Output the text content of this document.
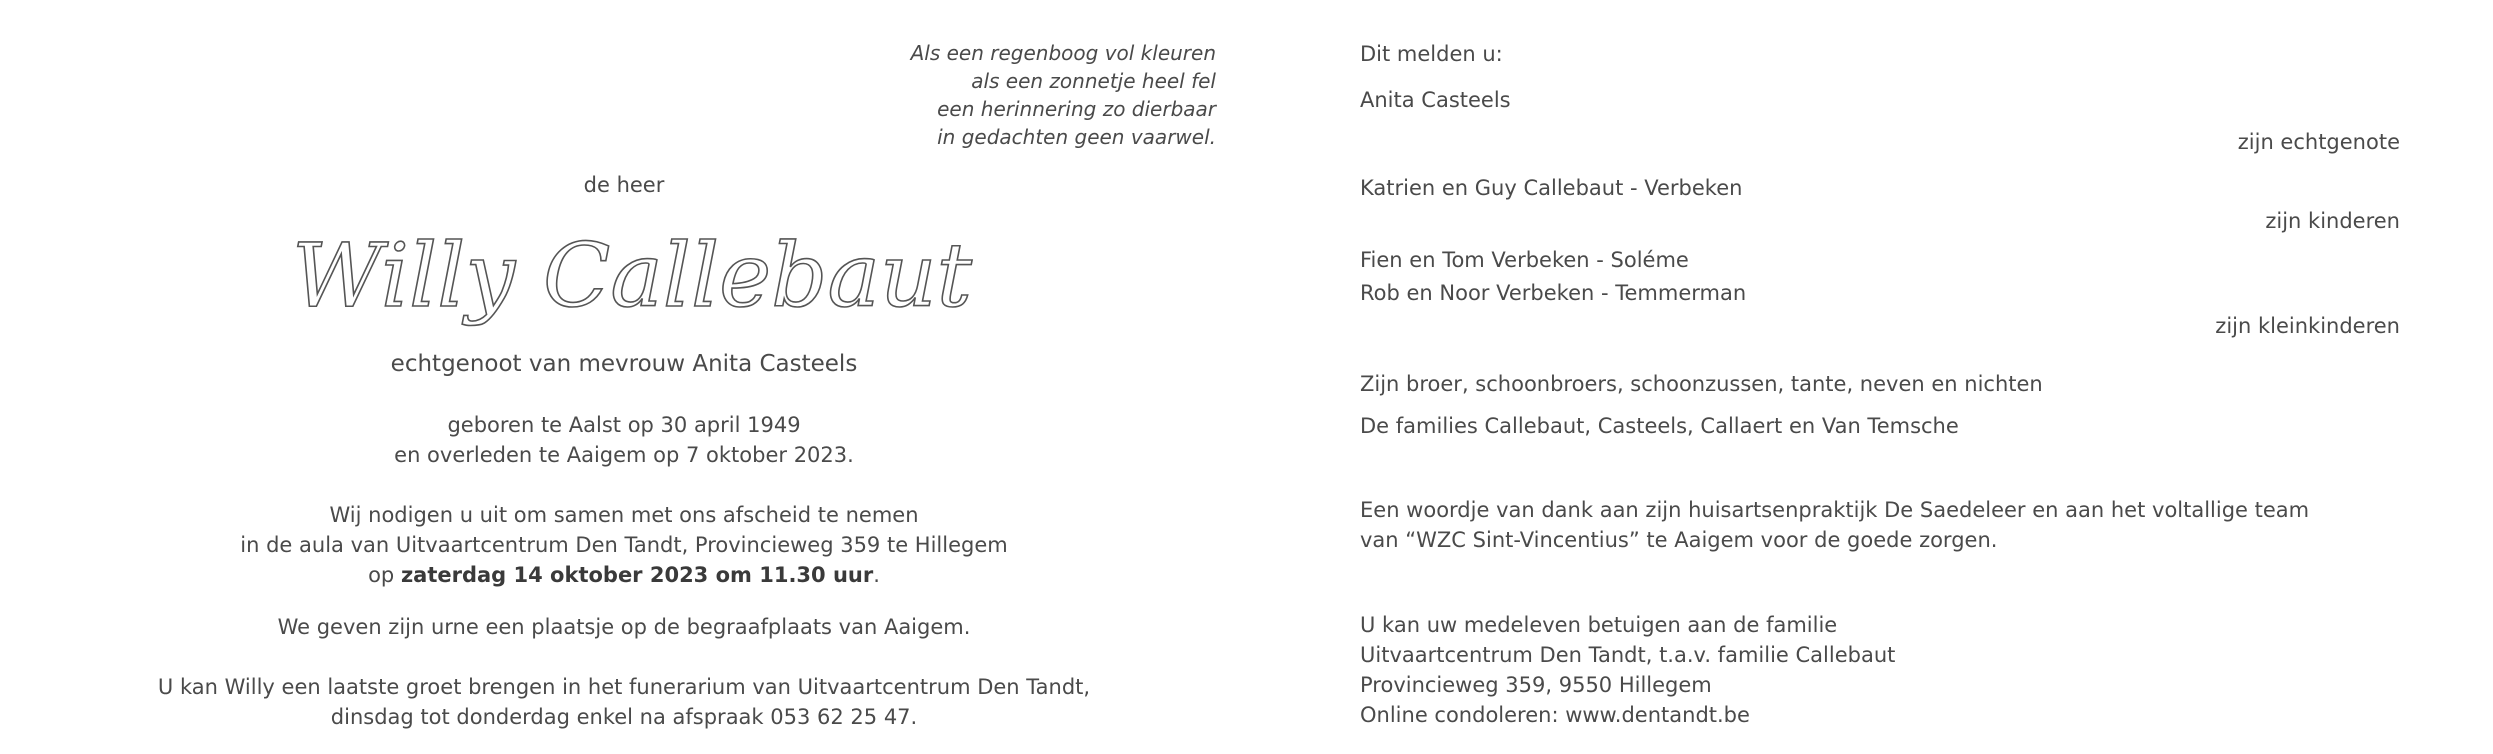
Als een regenboog vol kleuren
als een zonnetje heel fel
een herinnering zo dierbaar
in gedachten geen vaarwel.
de heer
Willy Callebaut
echtgenoot van mevrouw Anita Casteels
geboren te Aalst op 30 april 1949
en overleden te Aaigem op 7 oktober 2023.
Wij nodigen u uit om samen met ons afscheid te nemen
in de aula van Uitvaartcentrum Den Tandt, Provincieweg 359 te Hillegem
op zaterdag 14 oktober 2023 om 11.30 uur.
We geven zijn urne een plaatsje op de begraafplaats van Aaigem.
U kan Willy een laatste groet brengen in het funerarium van Uitvaartcentrum Den Tandt,
dinsdag tot donderdag enkel na afspraak 053 62 25 47.
Dit melden u:
Anita Casteels
zijn echtgenote
Katrien en Guy Callebaut - Verbeken
zijn kinderen
Fien en Tom Verbeken - Soléme
Rob en Noor Verbeken - Temmerman
zijn kleinkinderen
Zijn broer, schoonbroers, schoonzussen, tante, neven en nichten
De families Callebaut, Casteels, Callaert en Van Temsche
Een woordje van dank aan zijn huisartsenpraktijk De Saedeleer en aan het voltallige team
van “WZC Sint-Vincentius” te Aaigem voor de goede zorgen.
U kan uw medeleven betuigen aan de familie
Uitvaartcentrum Den Tandt, t.a.v. familie Callebaut
Provincieweg 359, 9550 Hillegem
Online condoleren: www.dentandt.be
